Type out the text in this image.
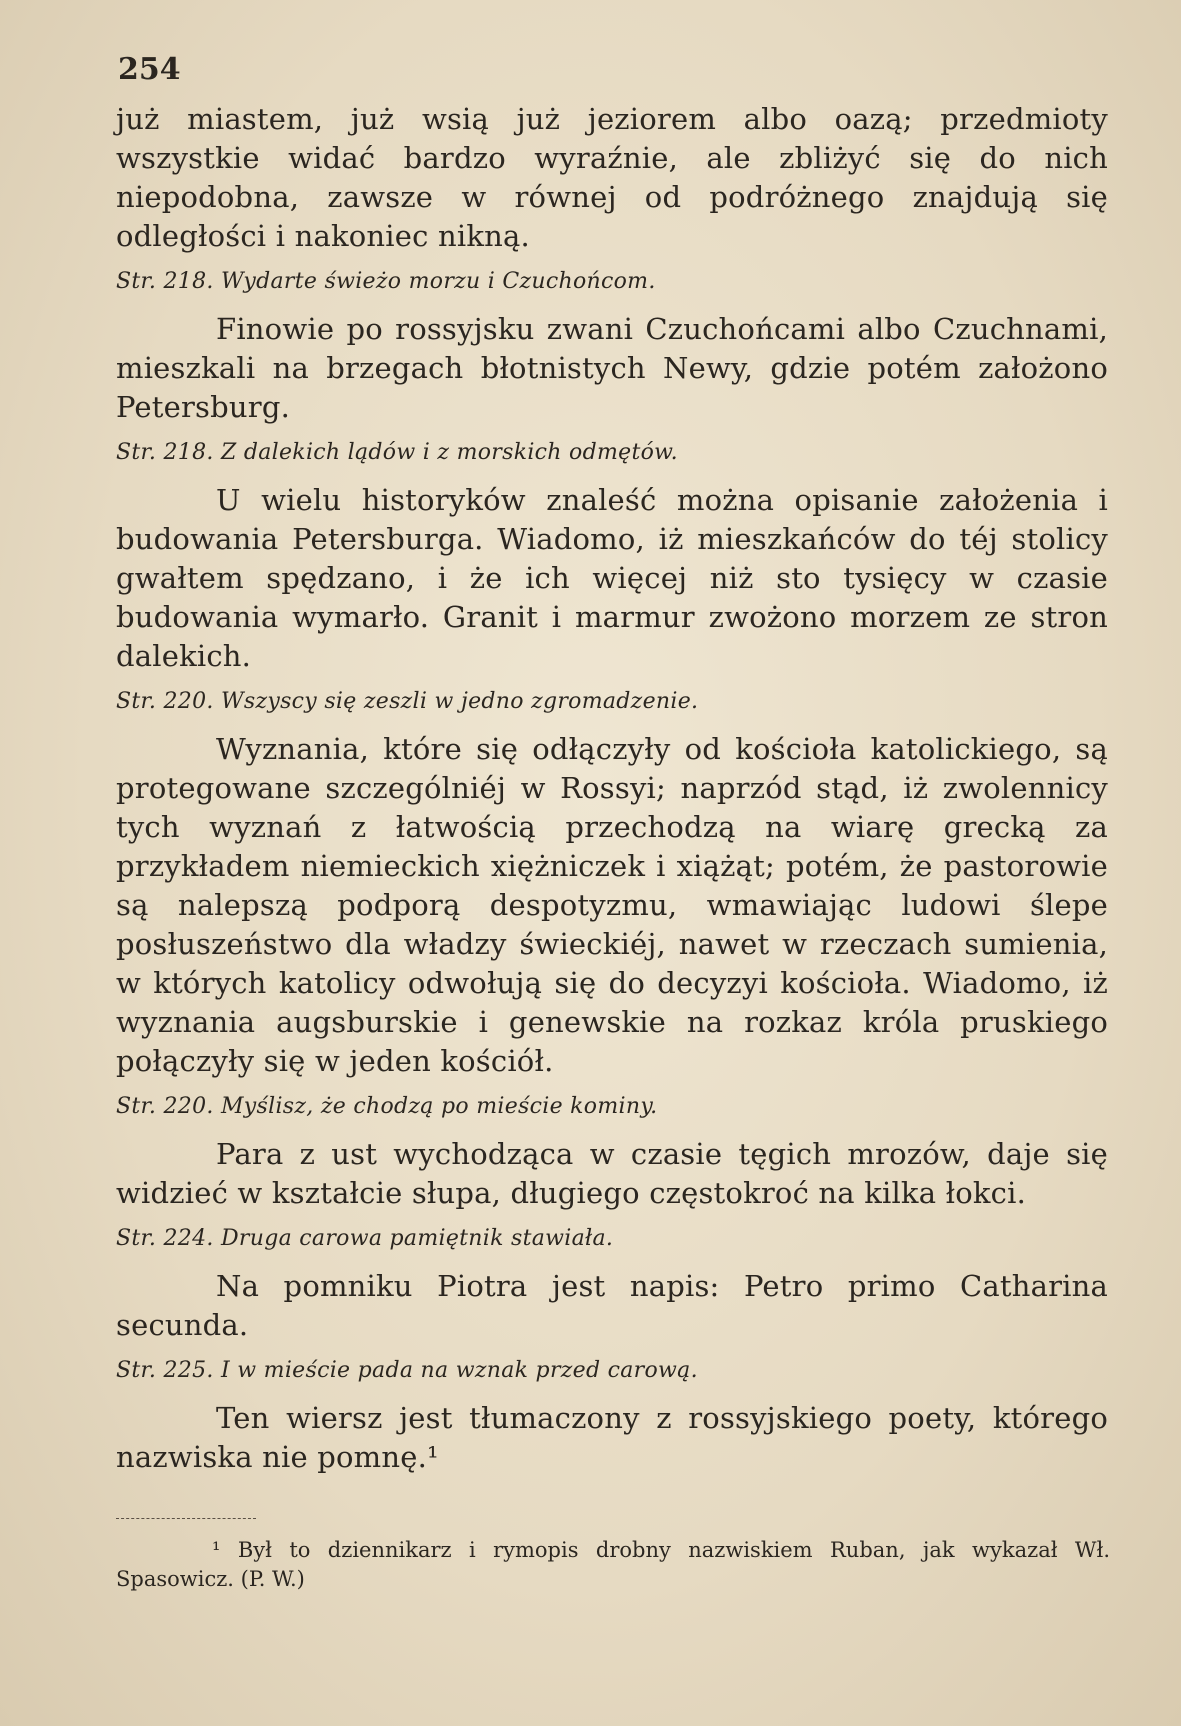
254

już miastem, już wsią już jeziorem albo oazą; przedmioty wszystkie widać bardzo wyraźnie, ale zbliżyć się do nich niepodobna, zawsze w równej od podróżnego znajdują się odległości i nakoniec nikną.

Str. 218. Wydarte świeżo morzu i Czuchońcom.

Finowie po rossyjsku zwani Czuchońcami albo Czuchnami, mieszkali na brzegach błotnistych Newy, gdzie potém założono Petersburg.

Str. 218. Z dalekich lądów i z morskich odmętów.

U wielu historyków znaleść można opisanie założenia i budowania Petersburga. Wiadomo, iż mieszkańców do téj stolicy gwałtem spędzano, i że ich więcej niż sto tysięcy w czasie budowania wymarło. Granit i marmur zwożono morzem ze stron dalekich.

Str. 220. Wszyscy się zeszli w jedno zgromadzenie.

Wyznania, które się odłączyły od kościoła katolickiego, są protegowane szczególniéj w Rossyi; naprzód stąd, iż zwolennicy tych wyznań z łatwością przechodzą na wiarę grecką za przykładem niemieckich xiężniczek i xiążąt; potém, że pastorowie są nalepszą podporą despotyzmu, wmawiając ludowi ślepe posłuszeństwo dla władzy świeckiéj, nawet w rzeczach sumienia, w których katolicy odwołują się do decyzyi kościoła. Wiadomo, iż wyznania augsburskie i genewskie na rozkaz króla pruskiego połączyły się w jeden kościół.

Str. 220. Myślisz, że chodzą po mieście kominy.

Para z ust wychodząca w czasie tęgich mrozów, daje się widzieć w kształcie słupa, długiego częstokroć na kilka łokci.

Str. 224. Druga carowa pamiętnik stawiała.

Na pomniku Piotra jest napis: Petro primo Catharina secunda.

Str. 225. I w mieście pada na wznak przed carową.

Ten wiersz jest tłumaczony z rossyjskiego poety, którego nazwiska nie pomnę.¹

¹ Był to dziennikarz i rymopis drobny nazwiskiem Ruban, jak wykazał Wł. Spasowicz. (P. W.)
